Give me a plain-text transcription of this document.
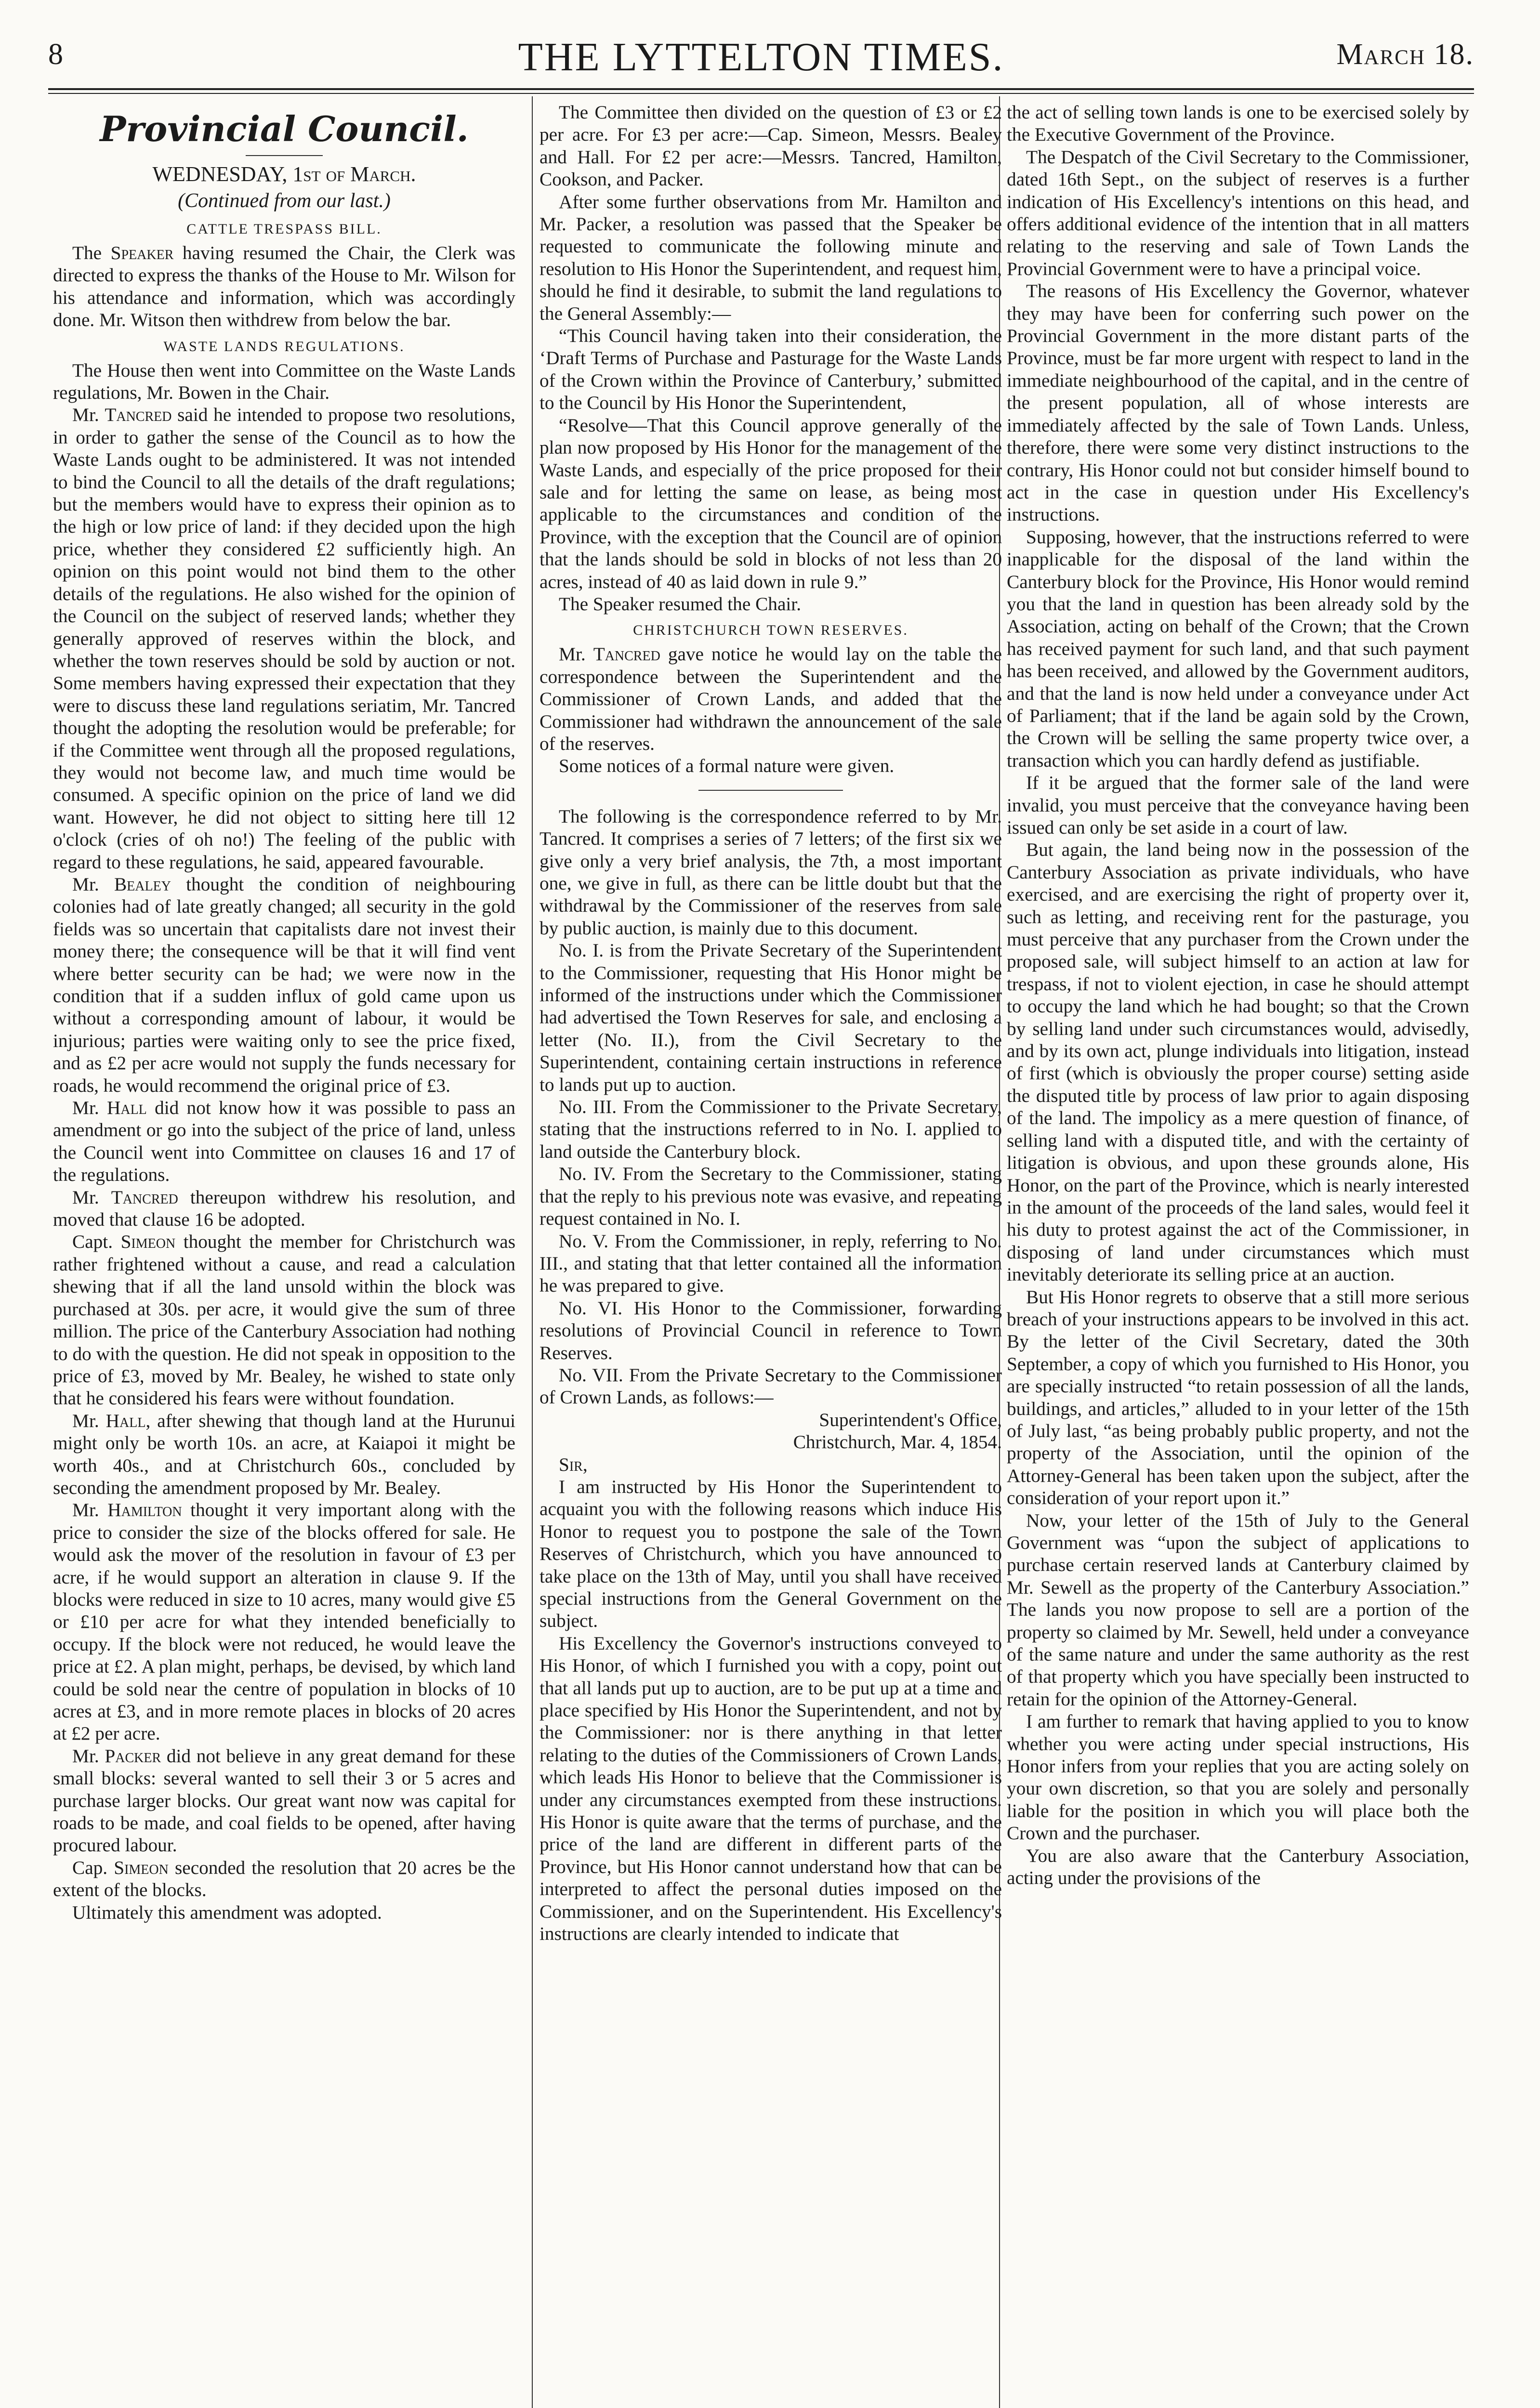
8	THE LYTTELTON TIMES.	March 18.
Provincial Council.
WEDNESDAY, 1st of March.
(Continued from our last.)
CATTLE TRESPASS BILL.

The Speaker having resumed the Chair, the Clerk was directed to express the thanks of the House to Mr. Wilson for his attendance and information, which was accordingly done. Mr. Witson then withdrew from below the bar.

WASTE LANDS REGULATIONS.

The House then went into Committee on the Waste Lands regulations, Mr. Bowen in the Chair.

Mr. Tancred said he intended to propose two resolutions, in order to gather the sense of the Council as to how the Waste Lands ought to be administered. It was not intended to bind the Council to all the details of the draft regulations; but the members would have to express their opinion as to the high or low price of land: if they decided upon the high price, whether they considered £2 sufficiently high. An opinion on this point would not bind them to the other details of the regulations. He also wished for the opinion of the Council on the subject of reserved lands; whether they generally approved of reserves within the block, and whether the town reserves should be sold by auction or not. Some members having expressed their expectation that they were to discuss these land regulations seriatim, Mr. Tancred thought the adopting the resolution would be preferable; for if the Committee went through all the proposed regulations, they would not become law, and much time would be consumed. A specific opinion on the price of land we did want. However, he did not object to sitting here till 12 o'clock (cries of oh no!) The feeling of the public with regard to these regulations, he said, appeared favourable.

Mr. Bealey thought the condition of neighbouring colonies had of late greatly changed; all security in the gold fields was so uncertain that capitalists dare not invest their money there; the consequence will be that it will find vent where better security can be had; we were now in the condition that if a sudden influx of gold came upon us without a corresponding amount of labour, it would be injurious; parties were waiting only to see the price fixed, and as £2 per acre would not supply the funds necessary for roads, he would recommend the original price of £3.

Mr. Hall did not know how it was possible to pass an amendment or go into the subject of the price of land, unless the Council went into Committee on clauses 16 and 17 of the regulations.

Mr. Tancred thereupon withdrew his resolution, and moved that clause 16 be adopted.

Capt. Simeon thought the member for Christchurch was rather frightened without a cause, and read a calculation shewing that if all the land unsold within the block was purchased at 30s. per acre, it would give the sum of three million. The price of the Canterbury Association had nothing to do with the question. He did not speak in opposition to the price of £3, moved by Mr. Bealey, he wished to state only that he considered his fears were without foundation.

Mr. Hall, after shewing that though land at the Hurunui might only be worth 10s. an acre, at Kaiapoi it might be worth 40s., and at Christchurch 60s., concluded by seconding the amendment proposed by Mr. Bealey.

Mr. Hamilton thought it very important along with the price to consider the size of the blocks offered for sale. He would ask the mover of the resolution in favour of £3 per acre, if he would support an alteration in clause 9. If the blocks were reduced in size to 10 acres, many would give £5 or £10 per acre for what they intended beneficially to occupy. If the block were not reduced, he would leave the price at £2. A plan might, perhaps, be devised, by which land could be sold near the centre of population in blocks of 10 acres at £3, and in more remote places in blocks of 20 acres at £2 per acre.

Mr. Packer did not believe in any great demand for these small blocks: several wanted to sell their 3 or 5 acres and purchase larger blocks. Our great want now was capital for roads to be made, and coal fields to be opened, after having procured labour.

Cap. Simeon seconded the resolution that 20 acres be the extent of the blocks.

Ultimately this amendment was adopted.

The Committee then divided on the question of £3 or £2 per acre. For £3 per acre:—Cap. Simeon, Messrs. Bealey and Hall. For £2 per acre:—Messrs. Tancred, Hamilton, Cookson, and Packer.

After some further observations from Mr. Hamilton and Mr. Packer, a resolution was passed that the Speaker be requested to communicate the following minute and resolution to His Honor the Superintendent, and request him, should he find it desirable, to submit the land regulations to the General Assembly:—

“This Council having taken into their consideration, the ‘Draft Terms of Purchase and Pasturage for the Waste Lands of the Crown within the Province of Canterbury,’ submitted to the Council by His Honor the Superintendent,

“Resolve—That this Council approve generally of the plan now proposed by His Honor for the management of the Waste Lands, and especially of the price proposed for their sale and for letting the same on lease, as being most applicable to the circumstances and condition of the Province, with the exception that the Council are of opinion that the lands should be sold in blocks of not less than 20 acres, instead of 40 as laid down in rule 9.”

The Speaker resumed the Chair.

CHRISTCHURCH TOWN RESERVES.

Mr. Tancred gave notice he would lay on the table the correspondence between the Superintendent and the Commissioner of Crown Lands, and added that the Commissioner had withdrawn the announcement of the sale of the reserves.

Some notices of a formal nature were given.

The following is the correspondence referred to by Mr. Tancred. It comprises a series of 7 letters; of the first six we give only a very brief analysis, the 7th, a most important one, we give in full, as there can be little doubt but that the withdrawal by the Commissioner of the reserves from sale by public auction, is mainly due to this document.

No. I. is from the Private Secretary of the Superintendent to the Commissioner, requesting that His Honor might be informed of the instructions under which the Commissioner had advertised the Town Reserves for sale, and enclosing a letter (No. II.), from the Civil Secretary to the Superintendent, containing certain instructions in reference to lands put up to auction.

No. III. From the Commissioner to the Private Secretary, stating that the instructions referred to in No. I. applied to land outside the Canterbury block.

No. IV. From the Secretary to the Commissioner, stating that the reply to his previous note was evasive, and repeating request contained in No. I.

No. V. From the Commissioner, in reply, referring to No. III., and stating that that letter contained all the information he was prepared to give.

No. VI. His Honor to the Commissioner, forwarding resolutions of Provincial Council in reference to Town Reserves.

No. VII. From the Private Secretary to the Commissioner of Crown Lands, as follows:—

Superintendent's Office,

Christchurch, Mar. 4, 1854.

Sir,

I am instructed by His Honor the Superintendent to acquaint you with the following reasons which induce His Honor to request you to postpone the sale of the Town Reserves of Christchurch, which you have announced to take place on the 13th of May, until you shall have received special instructions from the General Government on the subject.

His Excellency the Governor's instructions conveyed to His Honor, of which I furnished you with a copy, point out that all lands put up to auction, are to be put up at a time and place specified by His Honor the Superintendent, and not by the Commissioner: nor is there anything in that letter relating to the duties of the Commissioners of Crown Lands, which leads His Honor to believe that the Commissioner is under any circumstances exempted from these instructions. His Honor is quite aware that the terms of purchase, and the price of the land are different in different parts of the Province, but His Honor cannot understand how that can be interpreted to affect the personal duties imposed on the Commissioner, and on the Superintendent. His Excellency's instructions are clearly intended to indicate that

the act of selling town lands is one to be exercised solely by the Executive Government of the Province.

The Despatch of the Civil Secretary to the Commissioner, dated 16th Sept., on the subject of reserves is a further indication of His Excellency's intentions on this head, and offers additional evidence of the intention that in all matters relating to the reserving and sale of Town Lands the Provincial Government were to have a principal voice.

The reasons of His Excellency the Governor, whatever they may have been for conferring such power on the Provincial Government in the more distant parts of the Province, must be far more urgent with respect to land in the immediate neighbourhood of the capital, and in the centre of the present population, all of whose interests are immediately affected by the sale of Town Lands. Unless, therefore, there were some very distinct instructions to the contrary, His Honor could not but consider himself bound to act in the case in question under His Excellency's instructions.

Supposing, however, that the instructions referred to were inapplicable for the disposal of the land within the Canterbury block for the Province, His Honor would remind you that the land in question has been already sold by the Association, acting on behalf of the Crown; that the Crown has received payment for such land, and that such payment has been received, and allowed by the Government auditors, and that the land is now held under a conveyance under Act of Parliament; that if the land be again sold by the Crown, the Crown will be selling the same property twice over, a transaction which you can hardly defend as justifiable.

If it be argued that the former sale of the land were invalid, you must perceive that the conveyance having been issued can only be set aside in a court of law.

But again, the land being now in the possession of the Canterbury Association as private individuals, who have exercised, and are exercising the right of property over it, such as letting, and receiving rent for the pasturage, you must perceive that any purchaser from the Crown under the proposed sale, will subject himself to an action at law for trespass, if not to violent ejection, in case he should attempt to occupy the land which he had bought; so that the Crown by selling land under such circumstances would, advisedly, and by its own act, plunge individuals into litigation, instead of first (which is obviously the proper course) setting aside the disputed title by process of law prior to again disposing of the land. The impolicy as a mere question of finance, of selling land with a disputed title, and with the certainty of litigation is obvious, and upon these grounds alone, His Honor, on the part of the Province, which is nearly interested in the amount of the proceeds of the land sales, would feel it his duty to protest against the act of the Commissioner, in disposing of land under circumstances which must inevitably deteriorate its selling price at an auction.

But His Honor regrets to observe that a still more serious breach of your instructions appears to be involved in this act. By the letter of the Civil Secretary, dated the 30th September, a copy of which you furnished to His Honor, you are specially instructed “to retain possession of all the lands, buildings, and articles,” alluded to in your letter of the 15th of July last, “as being probably public property, and not the property of the Association, until the opinion of the Attorney-General has been taken upon the subject, after the consideration of your report upon it.”

Now, your letter of the 15th of July to the General Government was “upon the subject of applications to purchase certain reserved lands at Canterbury claimed by Mr. Sewell as the property of the Canterbury Association.” The lands you now propose to sell are a portion of the property so claimed by Mr. Sewell, held under a conveyance of the same nature and under the same authority as the rest of that property which you have specially been instructed to retain for the opinion of the Attorney-General.

I am further to remark that having applied to you to know whether you were acting under special instructions, His Honor infers from your replies that you are acting solely on your own discretion, so that you are solely and personally liable for the position in which you will place both the Crown and the purchaser.

You are also aware that the Canterbury Association, acting under the provisions of the
